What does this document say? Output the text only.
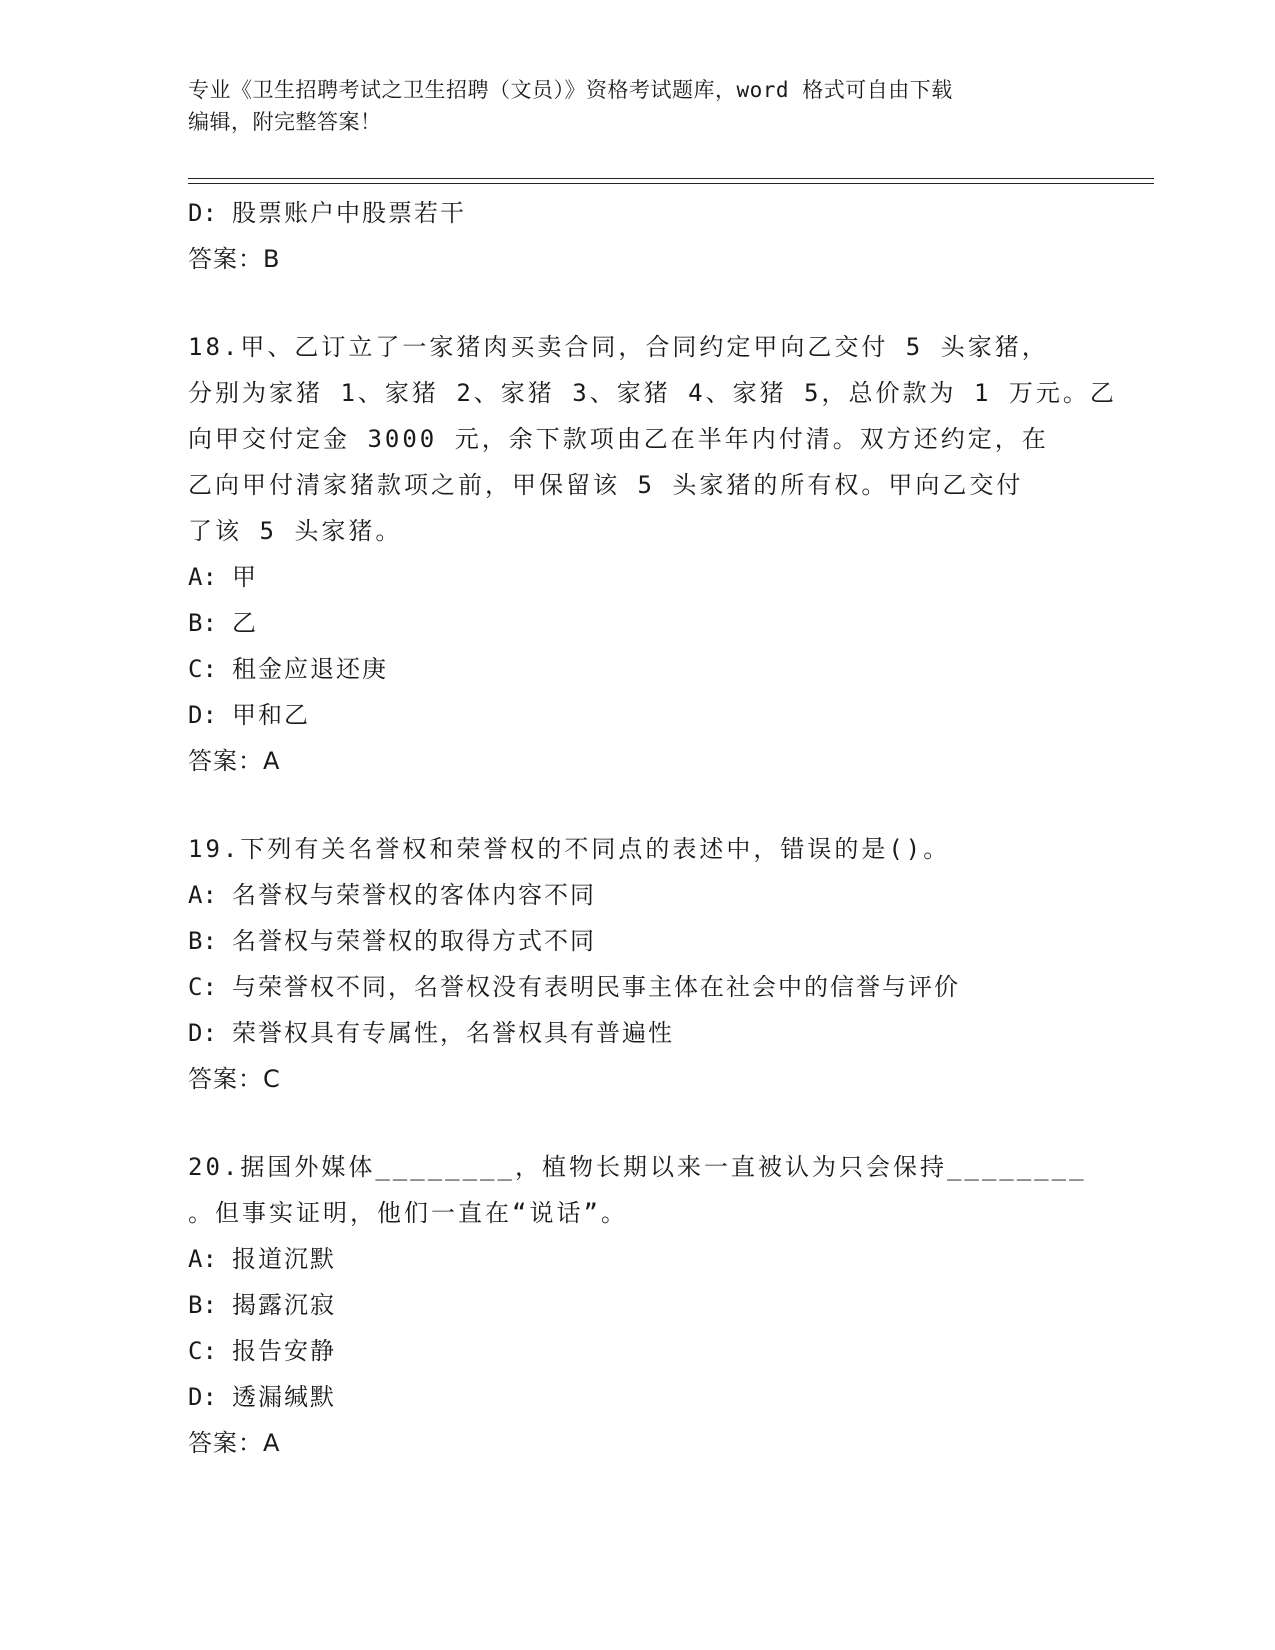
专业《卫生招聘考试之卫生招聘（文员）》资格考试题库，word 格式可自由下载
编辑，附完整答案！
D: 股票账户中股票若干
答案：B
18.甲、乙订立了一家猪肉买卖合同，合同约定甲向乙交付 5 头家猪，
分别为家猪 1、家猪 2、家猪 3、家猪 4、家猪 5，总价款为 1 万元。乙
向甲交付定金 3000 元，余下款项由乙在半年内付清。双方还约定，在
乙向甲付清家猪款项之前，甲保留该 5 头家猪的所有权。甲向乙交付
了该 5 头家猪。
A: 甲
B: 乙
C: 租金应退还庚
D: 甲和乙
答案：A
19.下列有关名誉权和荣誉权的不同点的表述中，错误的是()。
A: 名誉权与荣誉权的客体内容不同
B: 名誉权与荣誉权的取得方式不同
C: 与荣誉权不同，名誉权没有表明民事主体在社会中的信誉与评价
D: 荣誉权具有专属性，名誉权具有普遍性
答案：C
20.据国外媒体________，植物长期以来一直被认为只会保持________
。但事实证明，他们一直在“说话”。
A: 报道沉默
B: 揭露沉寂
C: 报告安静
D: 透漏缄默
答案：A
